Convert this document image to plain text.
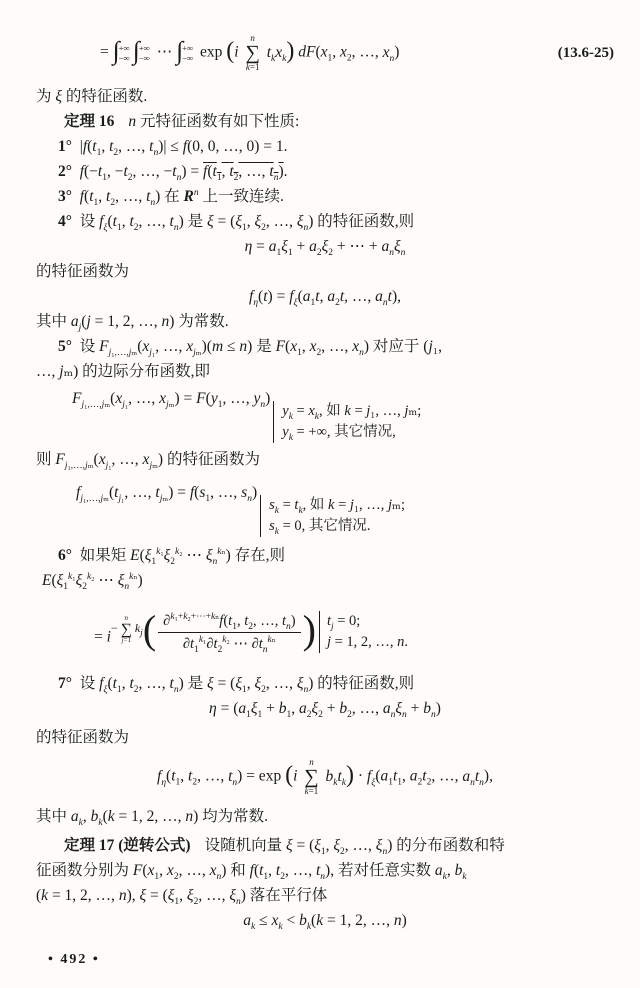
= ∫ +∞
−∞ ∫ +∞
−∞ ⋯ ∫ +∞
−∞ exp (i
n
∑
k=1
$t_kx_k$) $dF(x_1$, $x_2$, …, $x_n$)	(13.6-25)
为 ξ 的特征函数.
定理 16 n 元特征函数有如下性质:
1°  $|f(t_1$, $t_2$, …, $t_n)| \le f(0$, 0, …, 0) = 1.
2° $f(-t_1$, $-t_2$, …, $-t_n) = f(t_1$, $t_2$, …, $t_n$).
3° $f(t_1$, $t_2$, …, $t_n$) 在 $R^n$ 上一致连续.
4°  设 $f_\xi(t_1$, $t_2$, …, $t_n$) 是 $\xi = (\xi_1$, $\xi_2$, …, $\xi_n$) 的特征函数,则
$\eta = a_1\xi_1 + a_2\xi_2$ + ⋯ + $a_n\xi_n$
的特征函数为
$f_\eta(t) = f_\xi(a_1t$, $a_2t$, …, $a_nt$),
其中 $a_j(j = 1$, 2, …, n) 为常数.
5°  设 $F_{j_1,\dots,j_m}(x_{j_1}$, …, $x_{j_m})(m \le n)$ 是 $F(x_1$, $x_2$, …, $x_n$) 对应于 (j₁,
…, jₘ) 的边际分布函数,即
$F_{j_1,\dots,j_m}(x_{j_1}$, …, $x_{j_m}) = F(y_1$, …, $y_n$)
$y_k = x_k$, 如 k = j₁, …, jₘ;
$y_k$ = +∞, 其它情况,
则 $F_{j_1,\dots,j_m}(x_{j_1}$, …, $x_{j_m}$) 的特征函数为
$f_{j_1,\dots,j_m}(t_{j_1}$, …, $t_{j_m}) = f(s_1$, …, $s_n$)
$s_k = t_k$, 如 k = j₁, …, jₘ;
$s_k = 0$, 其它情况.
6°  如果矩 $E(\xi_1^{k_1}\xi_2^{k_2}$ ⋯ $\xi_n^{k_n}$) 存在,则
$E(\xi_1^{k_1}\xi_2^{k_2}$ ⋯ $\xi_n^{k_n}$)
= $i^{- n \sum j=1 k_j}$ ( $\frac{\partial^{k_1+k_2+\cdots+k_n}f(t_1, t_2, \dots, t_n)}{\partial t_1^{k_1}\partial t_2^{k_2} \cdots \partial t_n^{k_n}}$ ) $t_j = 0$;
j = 1, 2, …, n.
7°  设 $f_\xi(t_1$, $t_2$, …, $t_n$) 是 $\xi = (\xi_1$, $\xi_2$, …, $\xi_n$) 的特征函数,则
$\eta = (a_1\xi_1 + b_1$, $a_2\xi_2 + b_2$, …, $a_n\xi_n + b_n$)
的特征函数为
$f_\eta(t_1$, $t_2$, …, $t_n) = \exp (i$
n
∑
k=1
$b_kt_k) \cdot f_\xi(a_1t_1$, $a_2t_2$, …, $a_nt_n$),
其中 $a_k$, $b_k(k = 1$, 2, …, n) 均为常数.
定理 17 (逆转公式) 设随机向量 $\xi = (\xi_1$, $\xi_2$, …, $\xi_n$) 的分布函数和特
征函数分别为 $F(x_1$, $x_2$, …, $x_n$) 和 $f(t_1$, $t_2$, …, $t_n$), 若对任意实数 $a_k$, $b_k$
(k = 1, 2, …, n), $\xi = (\xi_1$, $\xi_2$, …, $\xi_n$) 落在平行体
$a_k \le x_k < b_k(k = 1$, 2, …, n)
• 492 •
